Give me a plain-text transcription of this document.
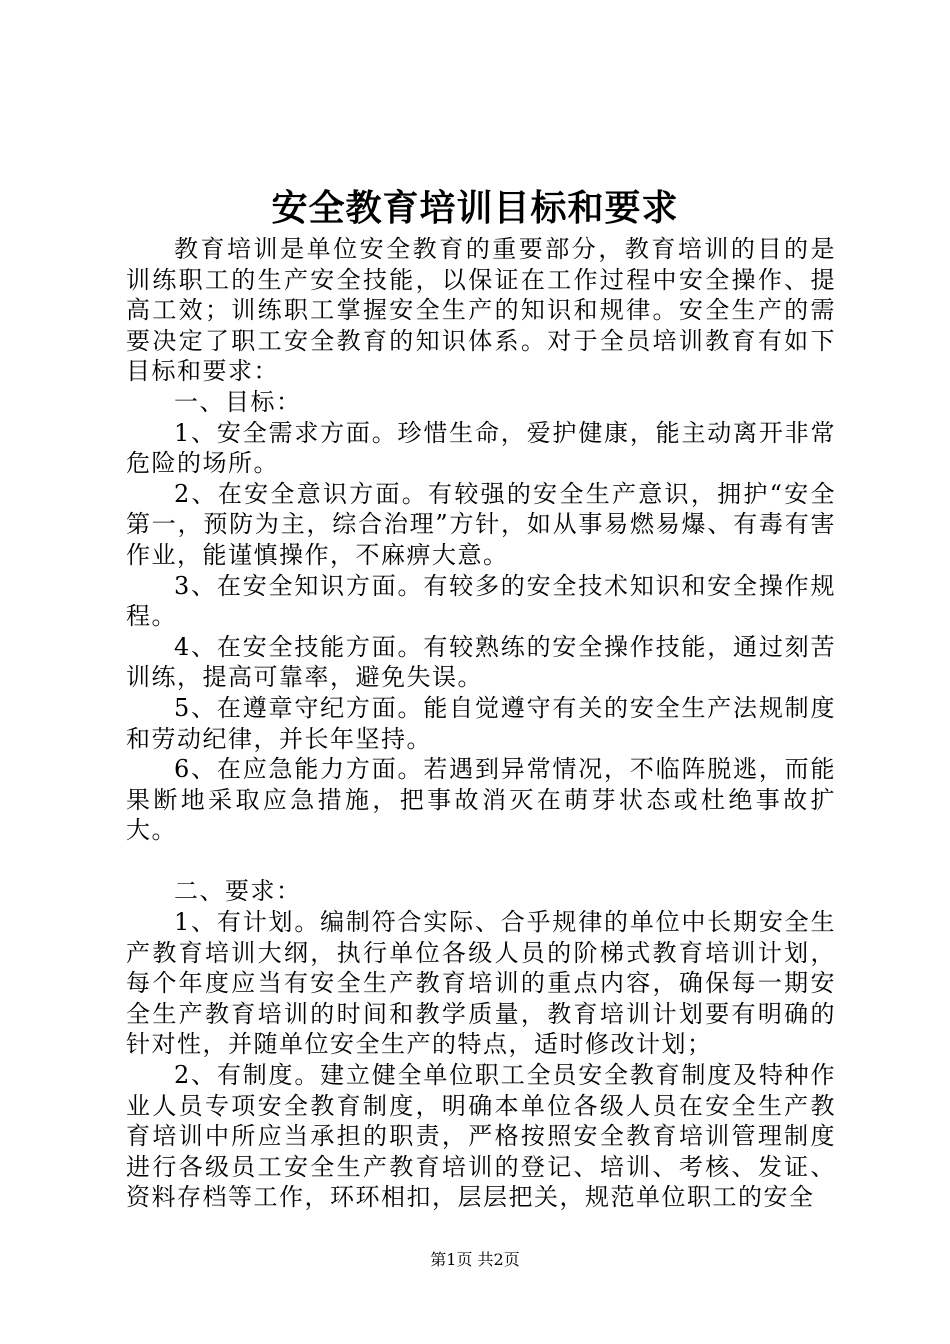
安全教育培训目标和要求

教育培训是单位安全教育的重要部分，教育培训的目的是训练职工的生产安全技能，以保证在工作过程中安全操作、提高工效；训练职工掌握安全生产的知识和规律。安全生产的需要决定了职工安全教育的知识体系。对于全员培训教育有如下目标和要求：

一、目标：

1、安全需求方面。珍惜生命，爱护健康，能主动离开非常危险的场所。

2、在安全意识方面。有较强的安全生产意识，拥护“安全第一，预防为主，综合治理”方针，如从事易燃易爆、有毒有害作业，能谨慎操作，不麻痹大意。

3、在安全知识方面。有较多的安全技术知识和安全操作规程。

4、在安全技能方面。有较熟练的安全操作技能，通过刻苦训练，提高可靠率，避免失误。

5、在遵章守纪方面。能自觉遵守有关的安全生产法规制度和劳动纪律，并长年坚持。

6、在应急能力方面。若遇到异常情况，不临阵脱逃，而能果断地采取应急措施，把事故消灭在萌芽状态或杜绝事故扩大。

二、要求：

1、有计划。编制符合实际、合乎规律的单位中长期安全生产教育培训大纲，执行单位各级人员的阶梯式教育培训计划，每个年度应当有安全生产教育培训的重点内容，确保每一期安全生产教育培训的时间和教学质量，教育培训计划要有明确的针对性，并随单位安全生产的特点，适时修改计划；

2、有制度。建立健全单位职工全员安全教育制度及特种作业人员专项安全教育制度，明确本单位各级人员在安全生产教育培训中所应当承担的职责，严格按照安全教育培训管理制度进行各级员工安全生产教育培训的登记、培训、考核、发证、资料存档等工作，环环相扣，层层把关，规范单位职工的安全

第1页 共2页
